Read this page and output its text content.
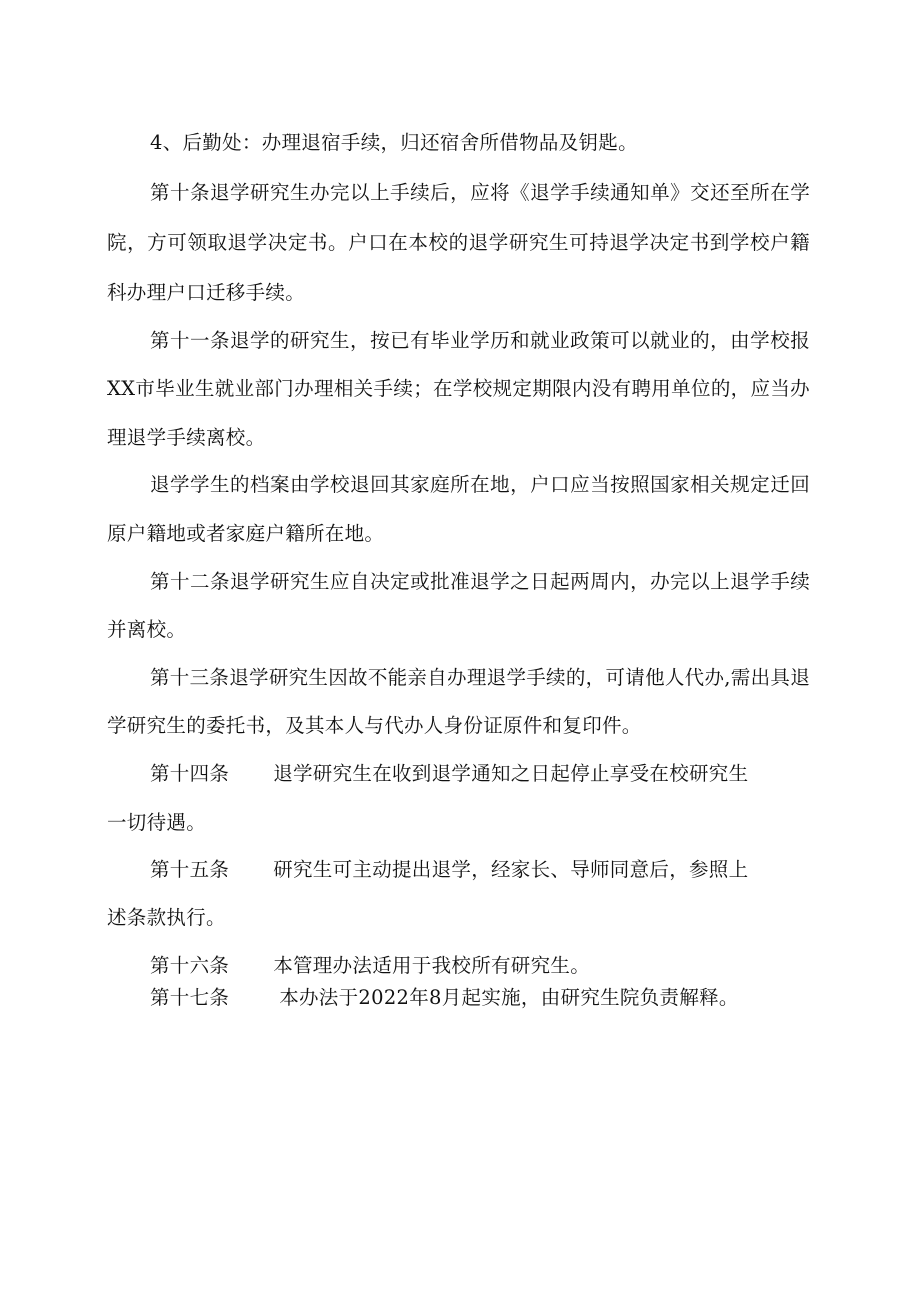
4、后勤处：办理退宿手续，归还宿舍所借物品及钥匙。
第十条退学研究生办完以上手续后，应将《退学手续通知单》交还至所在学
院，方可领取退学决定书。户口在本校的退学研究生可持退学决定书到学校户籍
科办理户口迁移手续。
第十一条退学的研究生，按已有毕业学历和就业政策可以就业的，由学校报
XX市毕业生就业部门办理相关手续；在学校规定期限内没有聘用单位的，应当办
理退学手续离校。
退学学生的档案由学校退回其家庭所在地，户口应当按照国家相关规定迁回
原户籍地或者家庭户籍所在地。
第十二条退学研究生应自决定或批准退学之日起两周内，办完以上退学手续
并离校。
第十三条退学研究生因故不能亲自办理退学手续的，可请他人代办,需出具退
学研究生的委托书，及其本人与代办人身份证原件和复印件。
第十四条 退学研究生在收到退学通知之日起停止享受在校研究生
一切待遇。
第十五条 研究生可主动提出退学，经家长、导师同意后，参照上
述条款执行。
第十六条 本管理办法适用于我校所有研究生。
第十七条	本办法于2022年8月起实施，由研究生院负责解释。
